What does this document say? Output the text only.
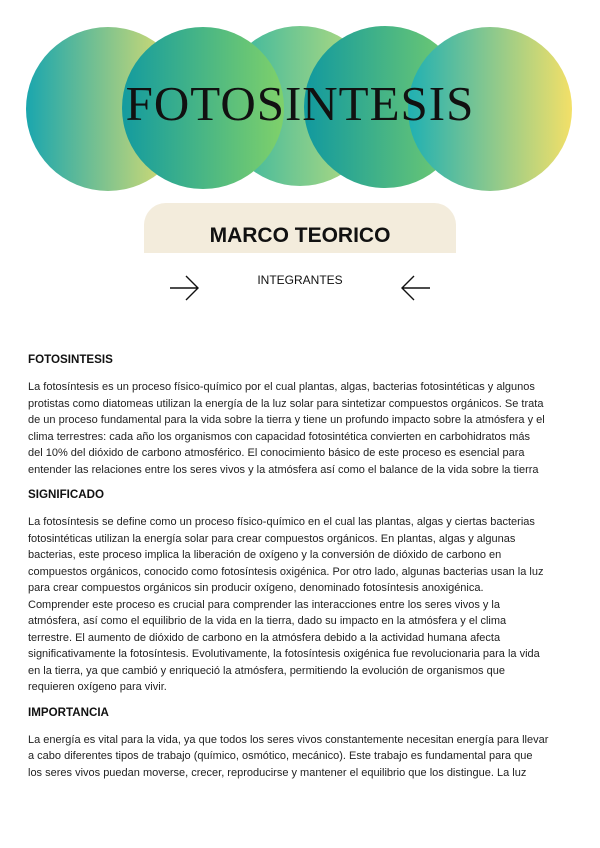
FOTOSINTESIS
MARCO TEORICO
INTEGRANTES
FOTOSINTESIS

La fotosíntesis es un proceso físico-químico por el cual plantas, algas, bacterias fotosintéticas y algunos
protistas como diatomeas utilizan la energía de la luz solar para sintetizar compuestos orgánicos. Se trata
de un proceso fundamental para la vida sobre la tierra y tiene un profundo impacto sobre la atmósfera y el
clima terrestres: cada año los organismos con capacidad fotosintética convierten en carbohidratos más
del 10% del dióxido de carbono atmosférico. El conocimiento básico de este proceso es esencial para
entender las relaciones entre los seres vivos y la atmósfera así como el balance de la vida sobre la tierra

SIGNIFICADO

La fotosíntesis se define como un proceso físico-químico en el cual las plantas, algas y ciertas bacterias
fotosintéticas utilizan la energía solar para crear compuestos orgánicos. En plantas, algas y algunas
bacterias, este proceso implica la liberación de oxígeno y la conversión de dióxido de carbono en
compuestos orgánicos, conocido como fotosíntesis oxigénica. Por otro lado, algunas bacterias usan la luz
para crear compuestos orgánicos sin producir oxígeno, denominado fotosíntesis anoxigénica.
Comprender este proceso es crucial para comprender las interacciones entre los seres vivos y la
atmósfera, así como el equilibrio de la vida en la tierra, dado su impacto en la atmósfera y el clima
terrestre. El aumento de dióxido de carbono en la atmósfera debido a la actividad humana afecta
significativamente la fotosíntesis. Evolutivamente, la fotosíntesis oxigénica fue revolucionaria para la vida
en la tierra, ya que cambió y enriqueció la atmósfera, permitiendo la evolución de organismos que
requieren oxígeno para vivir.

IMPORTANCIA

La energía es vital para la vida, ya que todos los seres vivos constantemente necesitan energía para llevar
a cabo diferentes tipos de trabajo (químico, osmótico, mecánico). Este trabajo es fundamental para que
los seres vivos puedan moverse, crecer, reproducirse y mantener el equilibrio que los distingue. La luz
